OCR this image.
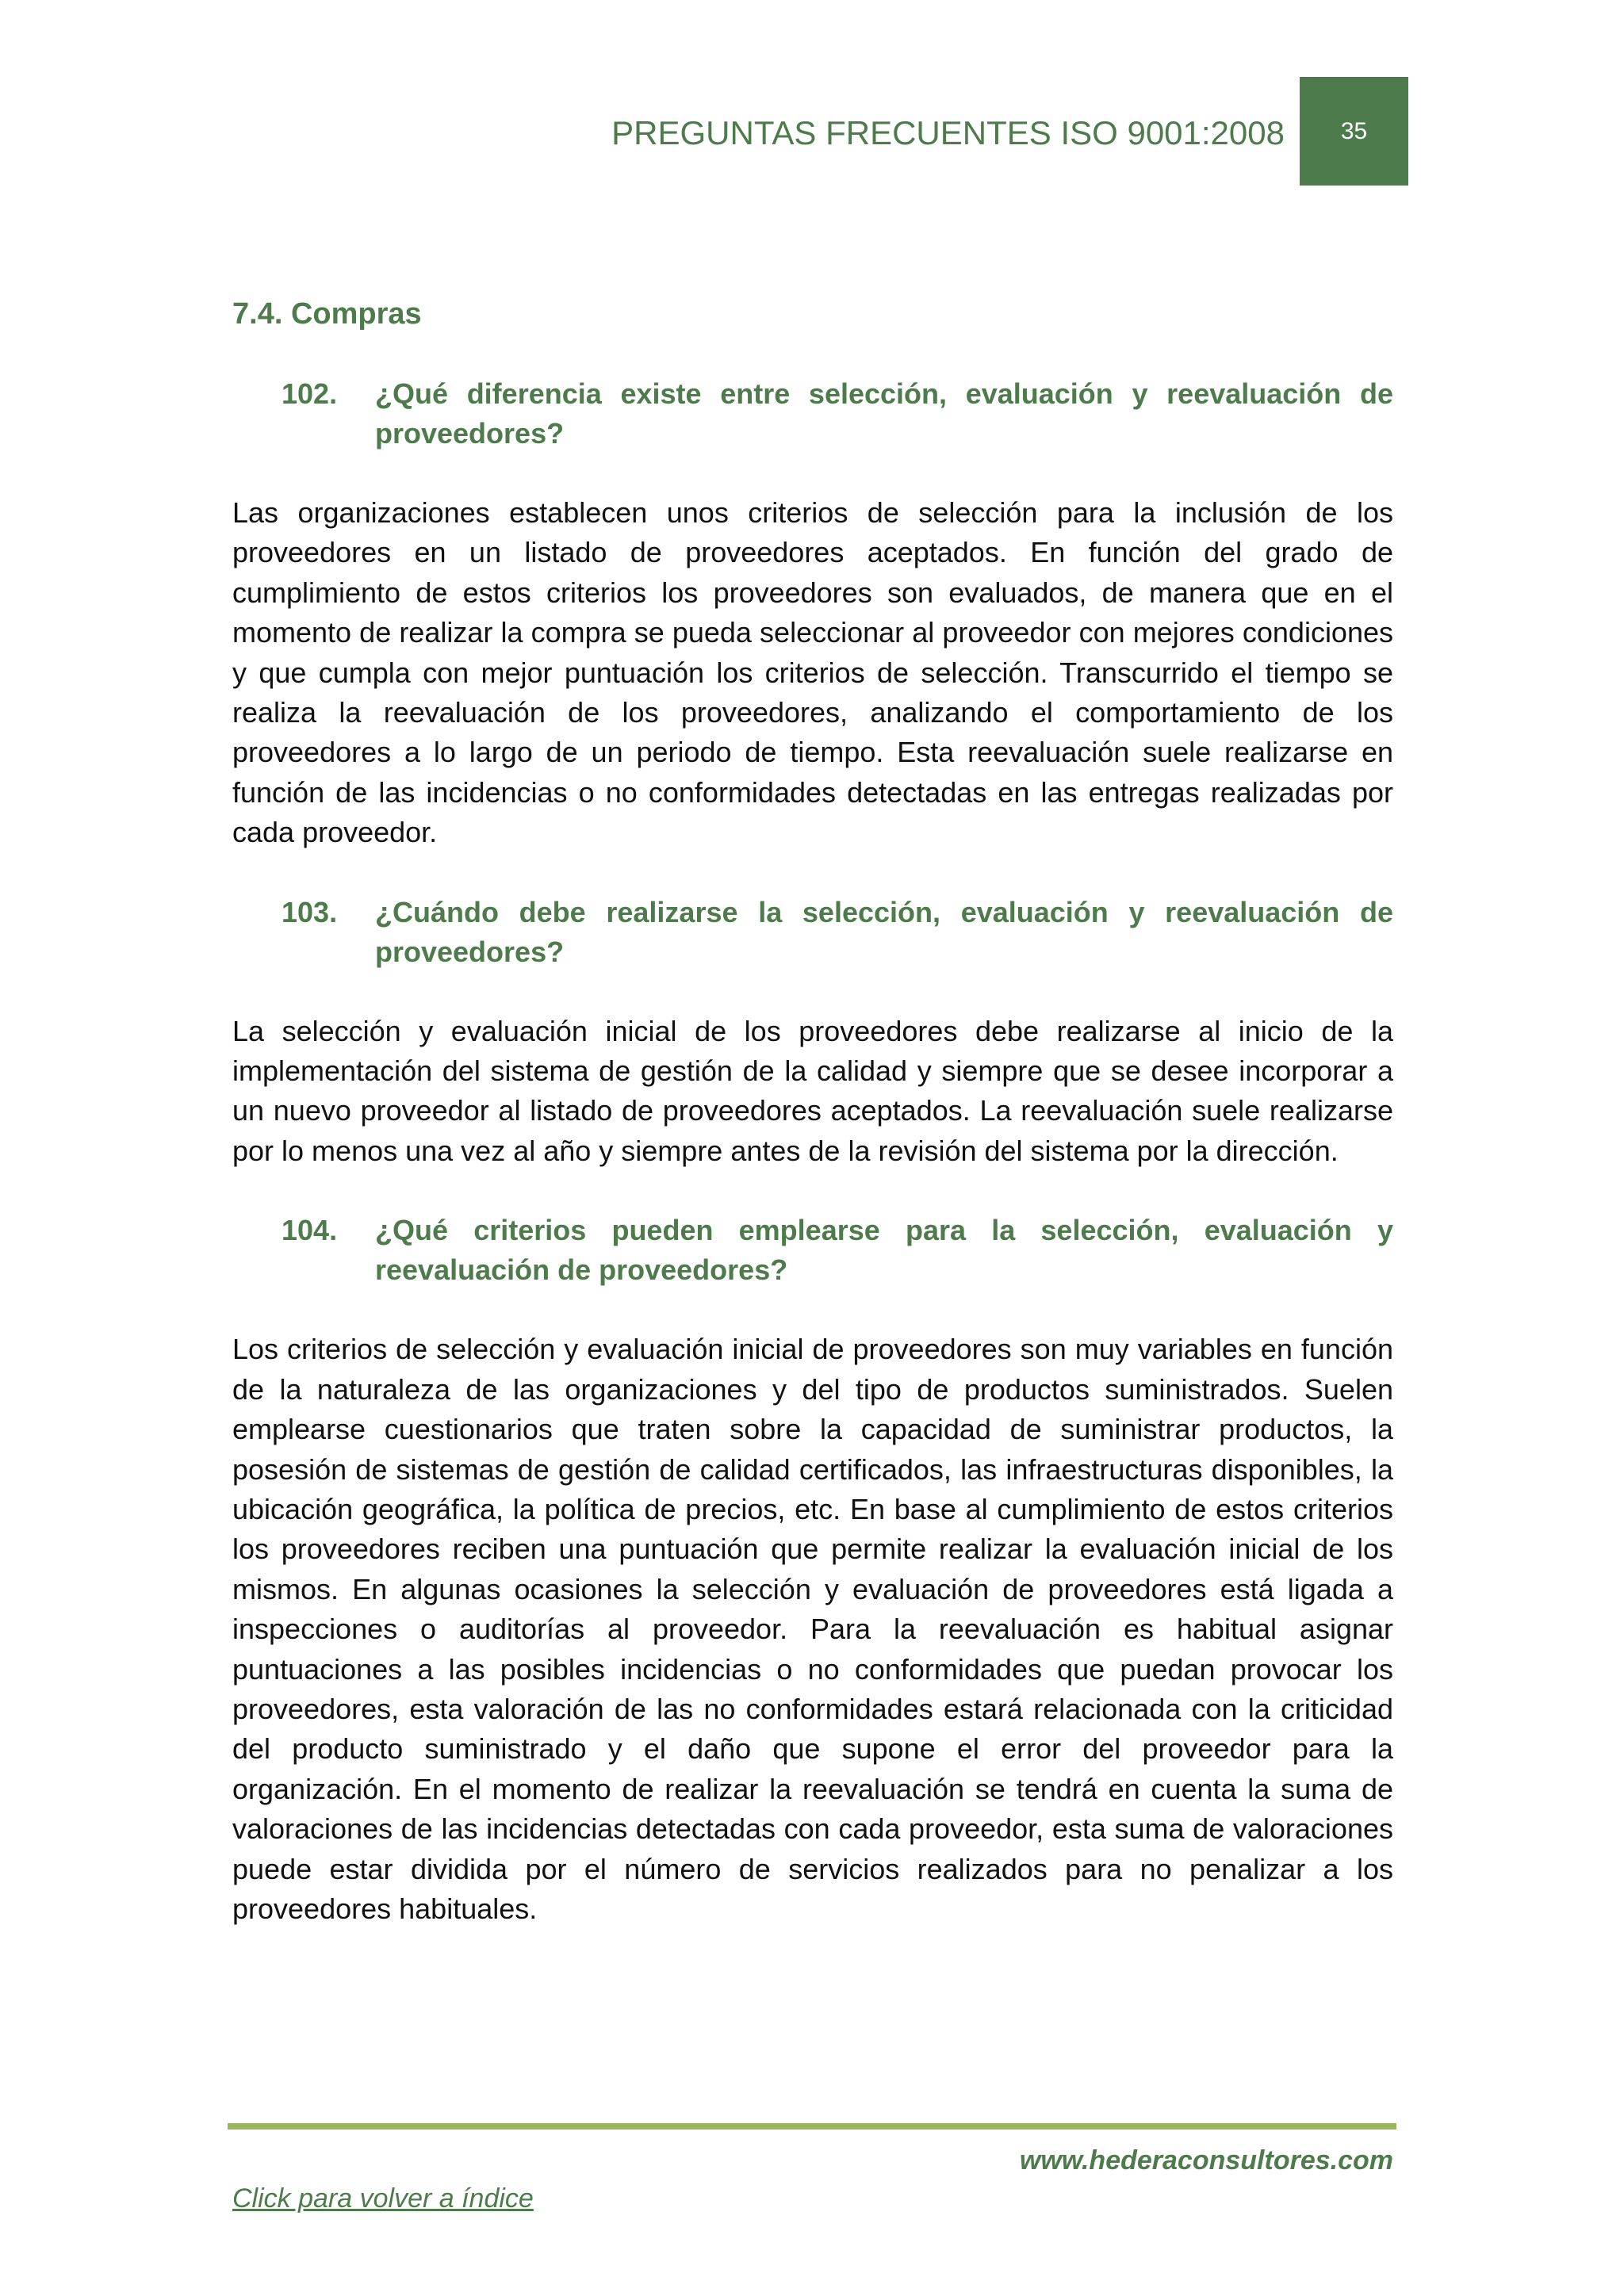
PREGUNTAS FRECUENTES ISO 9001:2008 35
7.4. Compras
102.	¿Qué diferencia existe entre selección, evaluación y reevaluación de proveedores?

Las organizaciones establecen unos criterios de selección para la inclusión de los proveedores en un listado de proveedores aceptados. En función del grado de cumplimiento de estos criterios los proveedores son evaluados, de manera que en el momento de realizar la compra se pueda seleccionar al proveedor con mejores condiciones y que cumpla con mejor puntuación los criterios de selección. Transcurrido el tiempo se realiza la reevaluación de los proveedores, analizando el comportamiento de los proveedores a lo largo de un periodo de tiempo. Esta reevaluación suele realizarse en función de las incidencias o no conformidades detectadas en las entregas realizadas por cada proveedor.

103.	¿Cuándo debe realizarse la selección, evaluación y reevaluación de proveedores?

La selección y evaluación inicial de los proveedores debe realizarse al inicio de la implementación del sistema de gestión de la calidad y siempre que se desee incorporar a un nuevo proveedor al listado de proveedores aceptados. La reevaluación suele realizarse por lo menos una vez al año y siempre antes de la revisión del sistema por la dirección.

104.	¿Qué criterios pueden emplearse para la selección, evaluación y reevaluación de proveedores?

Los criterios de selección y evaluación inicial de proveedores son muy variables en función de la naturaleza de las organizaciones y del tipo de productos suministrados. Suelen emplearse cuestionarios que traten sobre la capacidad de suministrar productos, la posesión de sistemas de gestión de calidad certificados, las infraestructuras disponibles, la ubicación geográfica, la política de precios, etc. En base al cumplimiento de estos criterios los proveedores reciben una puntuación que permite realizar la evaluación inicial de los mismos. En algunas ocasiones la selección y evaluación de proveedores está ligada a inspecciones o auditorías al proveedor. Para la reevaluación es habitual asignar puntuaciones a las posibles incidencias o no conformidades que puedan provocar los proveedores, esta valoración de las no conformidades estará relacionada con la criticidad del producto suministrado y el daño que supone el error del proveedor para la organización. En el momento de realizar la reevaluación se tendrá en cuenta la suma de valoraciones de las incidencias detectadas con cada proveedor, esta suma de valoraciones puede estar dividida por el número de servicios realizados para no penalizar a los proveedores habituales.

www.hederaconsultores.com
Click para volver a índice
